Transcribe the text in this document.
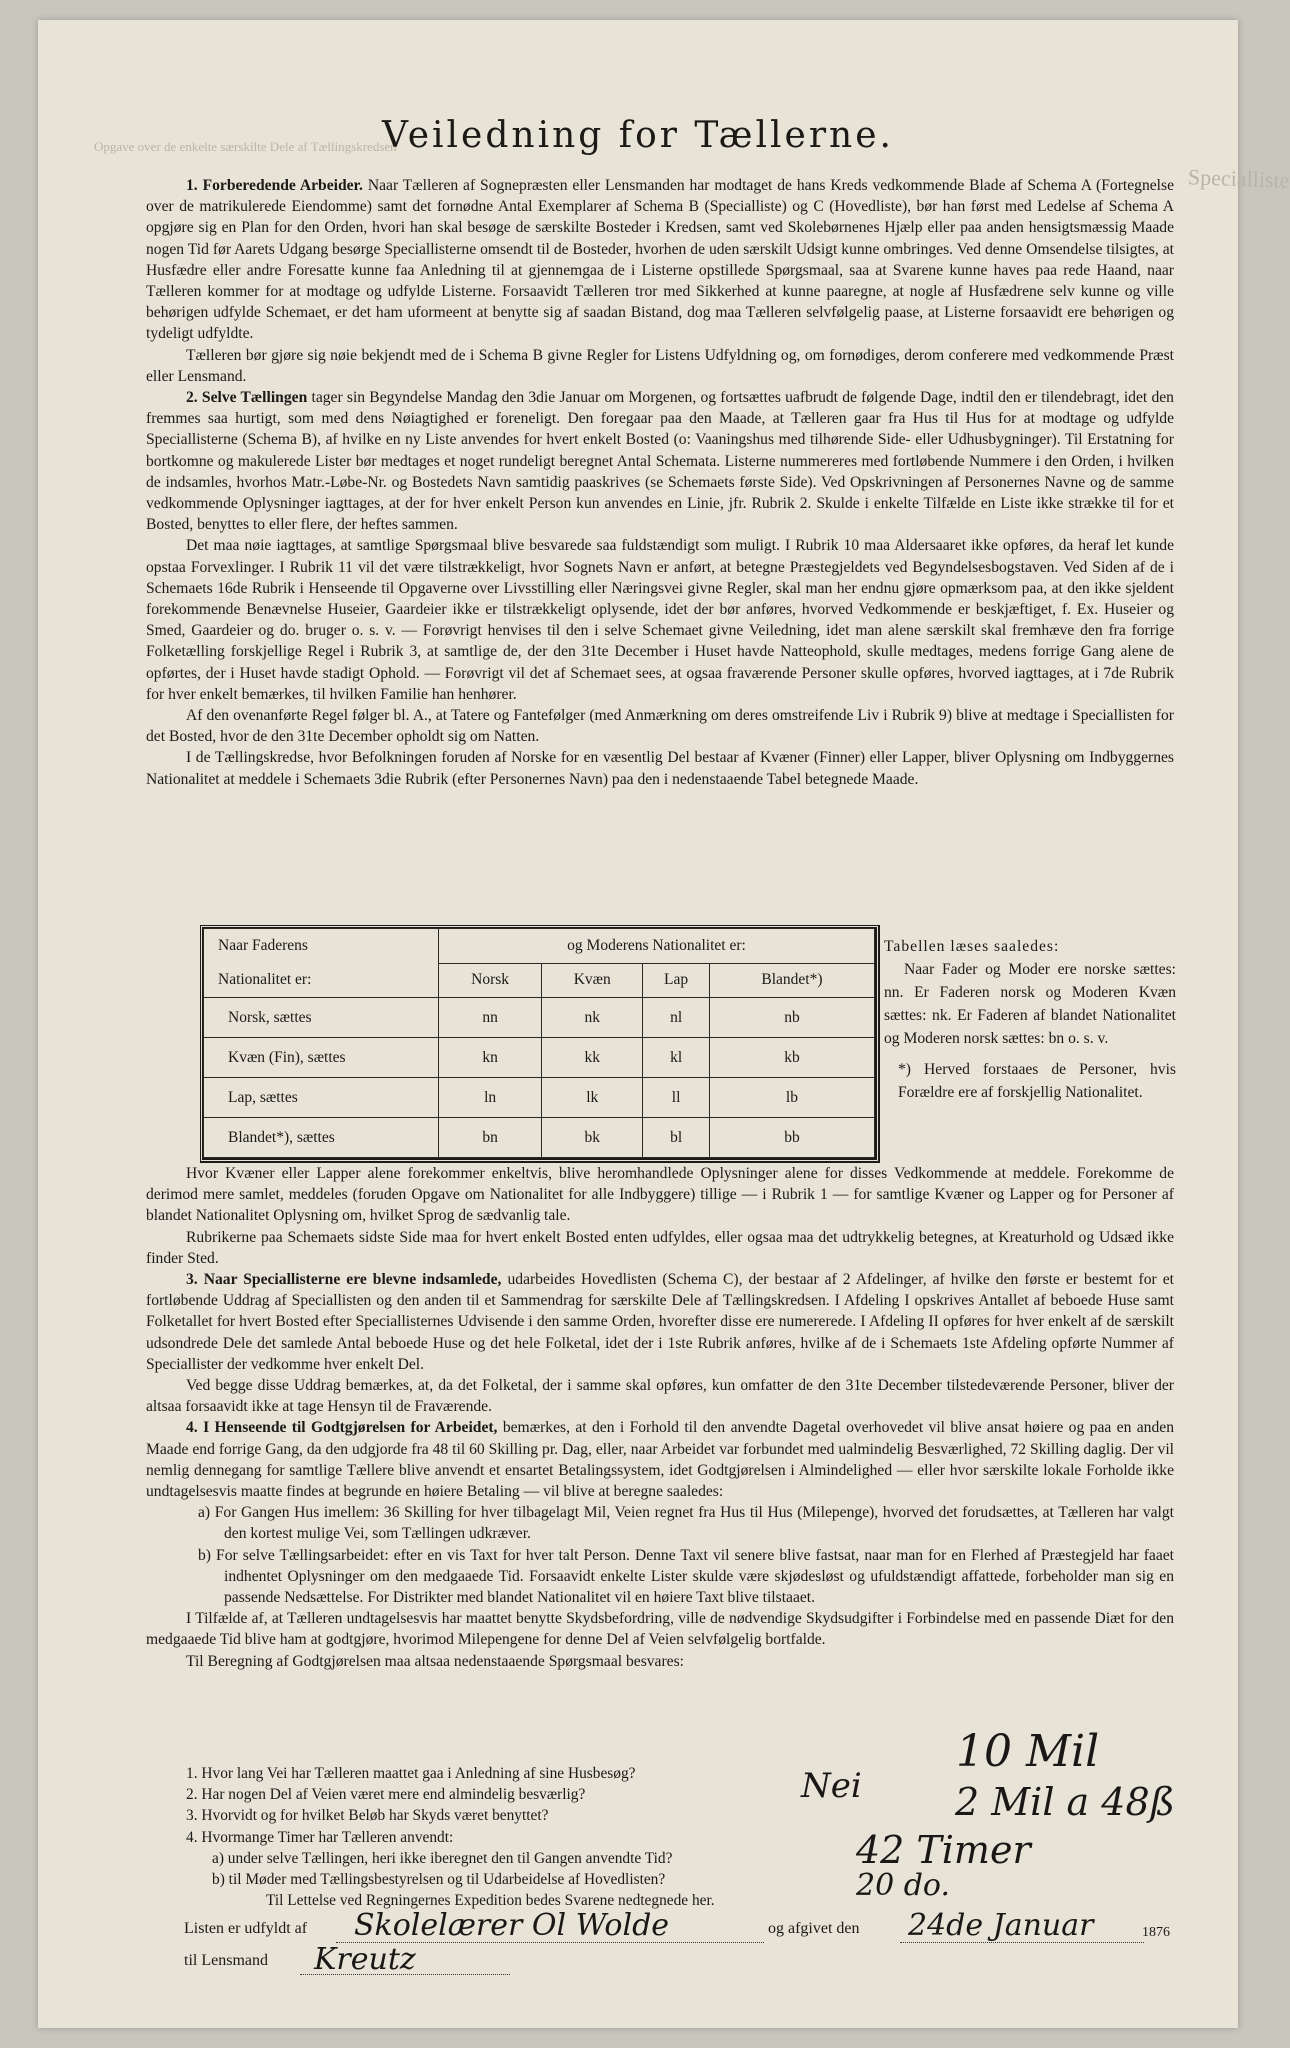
Opgave over de enkelte særskilte Dele af Tællingskredsen
Specialliste
Veiledning for Tællerne.

1. Forberedende Arbeider. Naar Tælleren af Sognepræsten eller Lensmanden har modtaget de hans Kreds vedkommende Blade af Schema A (Fortegnelse over de matrikulerede Eiendomme) samt det fornødne Antal Exemplarer af Schema B (Specialliste) og C (Hovedliste), bør han først med Ledelse af Schema A opgjøre sig en Plan for den Orden, hvori han skal besøge de særskilte Bosteder i Kredsen, samt ved Skolebørnenes Hjælp eller paa anden hensigtsmæssig Maade nogen Tid før Aarets Udgang besørge Speciallisterne omsendt til de Bosteder, hvorhen de uden særskilt Udsigt kunne ombringes. Ved denne Omsendelse tilsigtes, at Husfædre eller andre Foresatte kunne faa Anledning til at gjennemgaa de i Listerne opstillede Spørgsmaal, saa at Svarene kunne haves paa rede Haand, naar Tælleren kommer for at modtage og udfylde Listerne. Forsaavidt Tælleren tror med Sikkerhed at kunne paaregne, at nogle af Husfædrene selv kunne og ville behørigen udfylde Schemaet, er det ham uformeent at benytte sig af saadan Bistand, dog maa Tælleren selvfølgelig paase, at Listerne forsaavidt ere behørigen og tydeligt udfyldte.

Tælleren bør gjøre sig nøie bekjendt med de i Schema B givne Regler for Listens Udfyldning og, om fornødiges, derom conferere med vedkommende Præst eller Lensmand.

2. Selve Tællingen tager sin Begyndelse Mandag den 3die Januar om Morgenen, og fortsættes uafbrudt de følgende Dage, indtil den er tilendebragt, idet den fremmes saa hurtigt, som med dens Nøiagtighed er foreneligt. Den foregaar paa den Maade, at Tælleren gaar fra Hus til Hus for at modtage og udfylde Speciallisterne (Schema B), af hvilke en ny Liste anvendes for hvert enkelt Bosted (o: Vaaningshus med tilhørende Side- eller Udhusbygninger). Til Erstatning for bortkomne og makulerede Lister bør medtages et noget rundeligt beregnet Antal Schemata. Listerne nummereres med fortløbende Nummere i den Orden, i hvilken de indsamles, hvorhos Matr.-Løbe-Nr. og Bostedets Navn samtidig paaskrives (se Schemaets første Side). Ved Opskrivningen af Personernes Navne og de samme vedkommende Oplysninger iagttages, at der for hver enkelt Person kun anvendes en Linie, jfr. Rubrik 2. Skulde i enkelte Tilfælde en Liste ikke strække til for et Bosted, benyttes to eller flere, der heftes sammen.

Det maa nøie iagttages, at samtlige Spørgsmaal blive besvarede saa fuldstændigt som muligt. I Rubrik 10 maa Aldersaaret ikke opføres, da heraf let kunde opstaa Forvexlinger. I Rubrik 11 vil det være tilstrækkeligt, hvor Sognets Navn er anført, at betegne Præstegjeldets ved Begyndelsesbogstaven. Ved Siden af de i Schemaets 16de Rubrik i Henseende til Opgaverne over Livsstilling eller Næringsvei givne Regler, skal man her endnu gjøre opmærksom paa, at den ikke sjeldent forekommende Benævnelse Huseier, Gaardeier ikke er tilstrækkeligt oplysende, idet der bør anføres, hvorved Vedkommende er beskjæftiget, f. Ex. Huseier og Smed, Gaardeier og do. bruger o. s. v. — Forøvrigt henvises til den i selve Schemaet givne Veiledning, idet man alene særskilt skal fremhæve den fra forrige Folketælling forskjellige Regel i Rubrik 3, at samtlige de, der den 31te December i Huset havde Natteophold, skulle medtages, medens forrige Gang alene de opførtes, der i Huset havde stadigt Ophold. — Forøvrigt vil det af Schemaet sees, at ogsaa fraværende Personer skulle opføres, hvorved iagttages, at i 7de Rubrik for hver enkelt bemærkes, til hvilken Familie han henhører.

Af den ovenanførte Regel følger bl. A., at Tatere og Fantefølger (med Anmærkning om deres omstreifende Liv i Rubrik 9) blive at medtage i Speciallisten for det Bosted, hvor de den 31te December opholdt sig om Natten.

I de Tællingskredse, hvor Befolkningen foruden af Norske for en væsentlig Del bestaar af Kvæner (Finner) eller Lapper, bliver Oplysning om Indbyggernes Nationalitet at meddele i Schemaets 3die Rubrik (efter Personernes Navn) paa den i nedenstaaende Tabel betegnede Maade.

Naar Faderens
Nationalitet er:	og Moderens Nationalitet er:			
	Norsk	Kvæn	Lap	Blandet*)
Norsk, sættes	nn	nk	nl	nb
Kvæn (Fin), sættes	kn	kk	kl	kb
Lap, sættes	ln	lk	ll	lb
Blandet*), sættes	bn	bk	bl	bb

Tabellen læses saaledes:

Naar Fader og Moder ere norske sættes: nn. Er Faderen norsk og Moderen Kvæn sættes: nk. Er Faderen af blandet Nationalitet og Moderen norsk sættes: bn o. s. v.

*) Herved forstaaes de Personer, hvis Forældre ere af forskjellig Nationalitet.

Hvor Kvæner eller Lapper alene forekommer enkeltvis, blive heromhandlede Oplysninger alene for disses Vedkommende at meddele. Forekomme de derimod mere samlet, meddeles (foruden Opgave om Nationalitet for alle Indbyggere) tillige — i Rubrik 1 — for samtlige Kvæner og Lapper og for Personer af blandet Nationalitet Oplysning om, hvilket Sprog de sædvanlig tale.

Rubrikerne paa Schemaets sidste Side maa for hvert enkelt Bosted enten udfyldes, eller ogsaa maa det udtrykkelig betegnes, at Kreaturhold og Udsæd ikke finder Sted.

3. Naar Speciallisterne ere blevne indsamlede, udarbeides Hovedlisten (Schema C), der bestaar af 2 Afdelinger, af hvilke den første er bestemt for et fortløbende Uddrag af Speciallisten og den anden til et Sammendrag for særskilte Dele af Tællingskredsen. I Afdeling I opskrives Antallet af beboede Huse samt Folketallet for hvert Bosted efter Speciallisternes Udvisende i den samme Orden, hvorefter disse ere numererede. I Afdeling II opføres for hver enkelt af de særskilt udsondrede Dele det samlede Antal beboede Huse og det hele Folketal, idet der i 1ste Rubrik anføres, hvilke af de i Schemaets 1ste Afdeling opførte Nummer af Speciallister der vedkomme hver enkelt Del.

Ved begge disse Uddrag bemærkes, at, da det Folketal, der i samme skal opføres, kun omfatter de den 31te December tilstedeværende Personer, bliver der altsaa forsaavidt ikke at tage Hensyn til de Fraværende.

4. I Henseende til Godtgjørelsen for Arbeidet, bemærkes, at den i Forhold til den anvendte Dagetal overhovedet vil blive ansat høiere og paa en anden Maade end forrige Gang, da den udgjorde fra 48 til 60 Skilling pr. Dag, eller, naar Arbeidet var forbundet med ualmindelig Besværlighed, 72 Skilling daglig. Der vil nemlig dennegang for samtlige Tællere blive anvendt et ensartet Betalingssystem, idet Godtgjørelsen i Almindelighed — eller hvor særskilte lokale Forholde ikke undtagelsesvis maatte findes at begrunde en høiere Betaling — vil blive at beregne saaledes:

a) For Gangen Hus imellem: 36 Skilling for hver tilbagelagt Mil, Veien regnet fra Hus til Hus (Milepenge), hvorved det forudsættes, at Tælleren har valgt den kortest mulige Vei, som Tællingen udkræver.

b) For selve Tællingsarbeidet: efter en vis Taxt for hver talt Person. Denne Taxt vil senere blive fastsat, naar man for en Flerhed af Præstegjeld har faaet indhentet Oplysninger om den medgaaede Tid. Forsaavidt enkelte Lister skulde være skjødesløst og ufuldstændigt affattede, forbeholder man sig en passende Nedsættelse. For Distrikter med blandet Nationalitet vil en høiere Taxt blive tilstaaet.

I Tilfælde af, at Tælleren undtagelsesvis har maattet benytte Skydsbefordring, ville de nødvendige Skydsudgifter i Forbindelse med en passende Diæt for den medgaaede Tid blive ham at godtgjøre, hvorimod Milepengene for denne Del af Veien selvfølgelig bortfalde.

Til Beregning af Godtgjørelsen maa altsaa nedenstaaende Spørgsmaal besvares:

1. Hvor lang Vei har Tælleren maattet gaa i Anledning af sine Husbesøg?
2. Har nogen Del af Veien været mere end almindelig besværlig?
3. Hvorvidt og for hvilket Beløb har Skyds været benyttet?
4. Hvormange Timer har Tælleren anvendt:
a) under selve Tællingen, heri ikke iberegnet den til Gangen anvendte Tid?
b) til Møder med Tællingsbestyrelsen og til Udarbeidelse af Hovedlisten?
Til Lettelse ved Regningernes Expedition bedes Svarene nedtegnede her.
10 Mil
Nei 2 Mil a 48ß
42 Timer
20 do.
Listen er udfyldt af Skolelærer Ol Wolde	og afgivet den 24de Januar	1876
til Lensmand Kreutz
